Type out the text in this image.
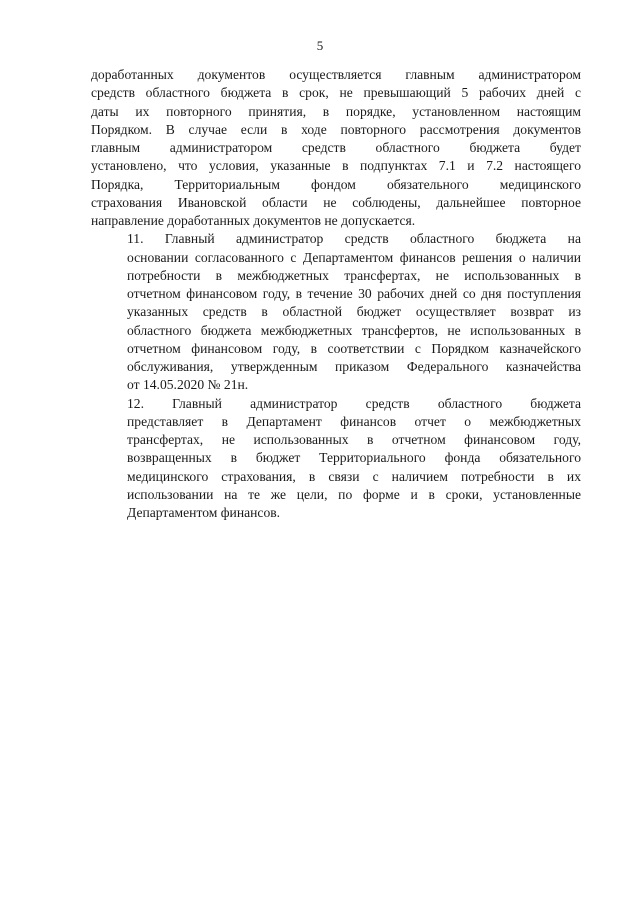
5

доработанных документов осуществляется главным администратором
средств областного бюджета в срок, не превышающий 5 рабочих дней с
даты их повторного принятия, в порядке, установленном настоящим
Порядком. В случае если в ходе повторного рассмотрения документов
главным администратором средств областного бюджета будет
установлено, что условия, указанные в подпунктах 7.1 и 7.2 настоящего
Порядка, Территориальным фондом обязательного медицинского
страхования Ивановской области не соблюдены, дальнейшее повторное
направление доработанных документов не допускается.

11. Главный администратор средств областного бюджета на
основании согласованного с Департаментом финансов решения о наличии
потребности в межбюджетных трансфертах, не использованных в
отчетном финансовом году, в течение 30 рабочих дней со дня поступления
указанных средств в областной бюджет осуществляет возврат из
областного бюджета межбюджетных трансфертов, не использованных в
отчетном финансовом году, в соответствии с Порядком казначейского
обслуживания, утвержденным приказом Федерального казначейства
от 14.05.2020 № 21н.

12. Главный администратор средств областного бюджета
представляет в Департамент финансов отчет о межбюджетных
трансфертах, не использованных в отчетном финансовом году,
возвращенных в бюджет Территориального фонда обязательного
медицинского страхования, в связи с наличием потребности в их
использовании на те же цели, по форме и в сроки, установленные
Департаментом финансов.
